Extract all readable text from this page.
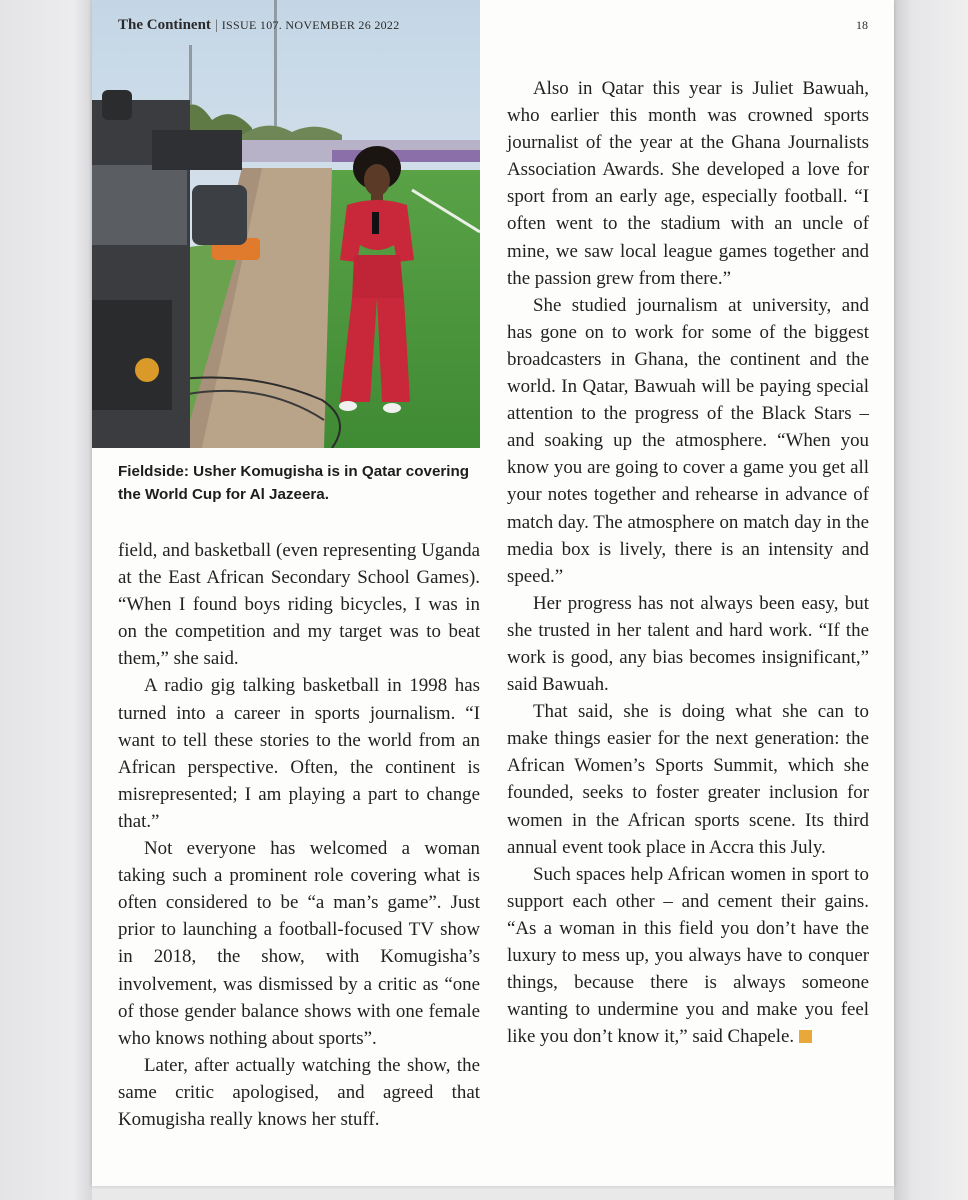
The Continent | ISSUE 107. NOVEMBER 26 2022	18
Fieldside: Usher Komugisha is in Qatar covering the World Cup for Al Jazeera.

field, and basketball (even representing Uganda at the East African Secondary School Games). “When I found boys riding bicycles, I was in on the competition and my target was to beat them,” she said.

A radio gig talking basketball in 1998 has turned into a career in sports journalism. “I want to tell these stories to the world from an African perspective. Often, the continent is misrepresented; I am playing a part to change that.”

Not everyone has welcomed a woman taking such a prominent role covering what is often considered to be “a man’s game”. Just prior to launching a football-focused TV show in 2018, the show, with Komugisha’s involvement, was dismissed by a critic as “one of those gender balance shows with one female who knows nothing about sports”.

Later, after actually watching the show, the same critic apologised, and agreed that Komugisha really knows her stuff.

Also in Qatar this year is Juliet Bawuah, who earlier this month was crowned sports journalist of the year at the Ghana Journalists Association Awards. She developed a love for sport from an early age, especially football. “I often went to the stadium with an uncle of mine, we saw local league games together and the passion grew from there.”

She studied journalism at university, and has gone on to work for some of the biggest broadcasters in Ghana, the continent and the world. In Qatar, Bawuah will be paying special attention to the progress of the Black Stars – and soaking up the atmosphere. “When you know you are going to cover a game you get all your notes together and rehearse in advance of match day. The atmosphere on match day in the media box is lively, there is an intensity and speed.”

Her progress has not always been easy, but she trusted in her talent and hard work. “If the work is good, any bias becomes insignificant,” said Bawuah.

That said, she is doing what she can to make things easier for the next generation: the African Women’s Sports Summit, which she founded, seeks to foster greater inclusion for women in the African sports scene. Its third annual event took place in Accra this July.

Such spaces help African women in sport to support each other – and cement their gains. “As a woman in this field you don’t have the luxury to mess up, you always have to conquer things, because there is always someone wanting to undermine you and make you feel like you don’t know it,” said Chapele.
